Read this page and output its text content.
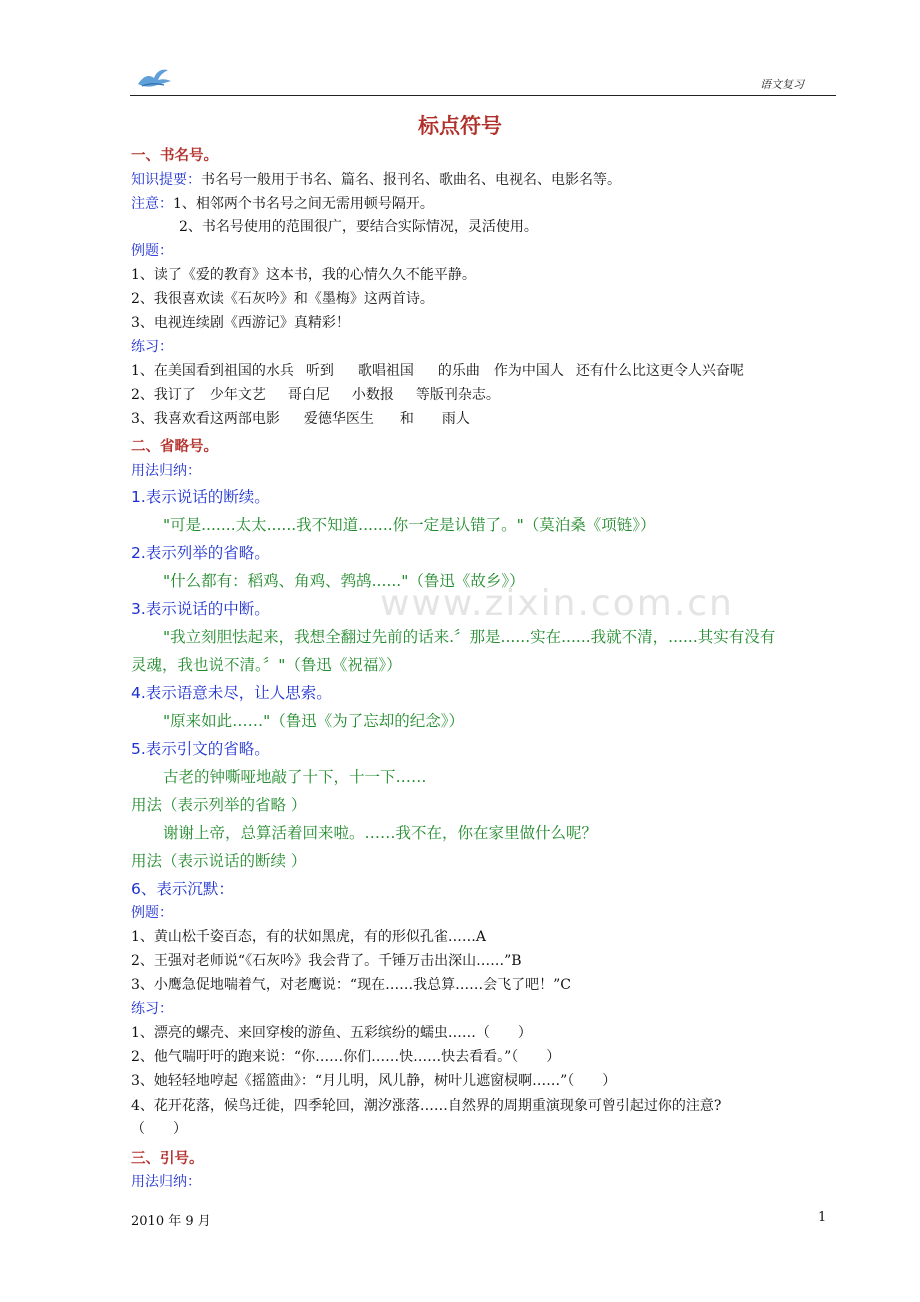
语文复习
标点符号
www.zixin.com.cn
一、书名号。
知识提要：书名号一般用于书名、篇名、报刊名、歌曲名、电视名、电影名等。
注意：1、相邻两个书名号之间无需用顿号隔开。
2、书名号使用的范围很广，要结合实际情况，灵活使用。
例题：
1、读了《爱的教育》这本书，我的心情久久不能平静。
2、我很喜欢读《石灰吟》和《墨梅》这两首诗。
3、电视连续剧《西游记》真精彩！
练习：
1、在美国看到祖国的水兵 听到 歌唱祖国 的乐曲 作为中国人 还有什么比这更令人兴奋呢
2、我订了 少年文艺 哥白尼 小数报 等版刊杂志。
3、我喜欢看这两部电影 爱德华医生 和 雨人
二、省略号。
用法归纳：
1.表示说话的断续。
"可是.......太太......我不知道.......你一定是认错了。"（莫泊桑《项链》）
2.表示列举的省略。
"什么都有：稻鸡、角鸡、鹁鸪......"（鲁迅《故乡》）
3.表示说话的中断。
"我立刻胆怯起来，我想全翻过先前的话来.〞那是......实在......我就不清，......其实有没有
灵魂，我也说不清。〞"（鲁迅《祝福》）
4.表示语意未尽，让人思索。
"原来如此……"（鲁迅《为了忘却的纪念》）
5.表示引文的省略。
古老的钟嘶哑地敲了十下，十一下……
用法（表示列举的省略 ）
谢谢上帝，总算活着回来啦。……我不在，你在家里做什么呢？
用法（表示说话的断续 ）
6、表示沉默：
例题：
1、黄山松千姿百态，有的状如黑虎，有的形似孔雀……A
2、王强对老师说“《石灰吟》我会背了。千锤万击出深山……”B
3、小鹰急促地喘着气，对老鹰说：“现在……我总算……会飞了吧！”C
练习：
1、漂亮的螺壳、来回穿梭的游鱼、五彩缤纷的蠕虫……（　　）
2、他气喘吁吁的跑来说：“你……你们……快……快去看看。”（　　）
3、她轻轻地哼起《摇篮曲》：“月儿明，风儿静，树叶儿遮窗棂啊……”（　　）
4、花开花落，候鸟迁徙，四季轮回，潮汐涨落……自然界的周期重演现象可曾引起过你的注意?
（　　）
三、引号。
用法归纳：
2010 年 9 月	1
